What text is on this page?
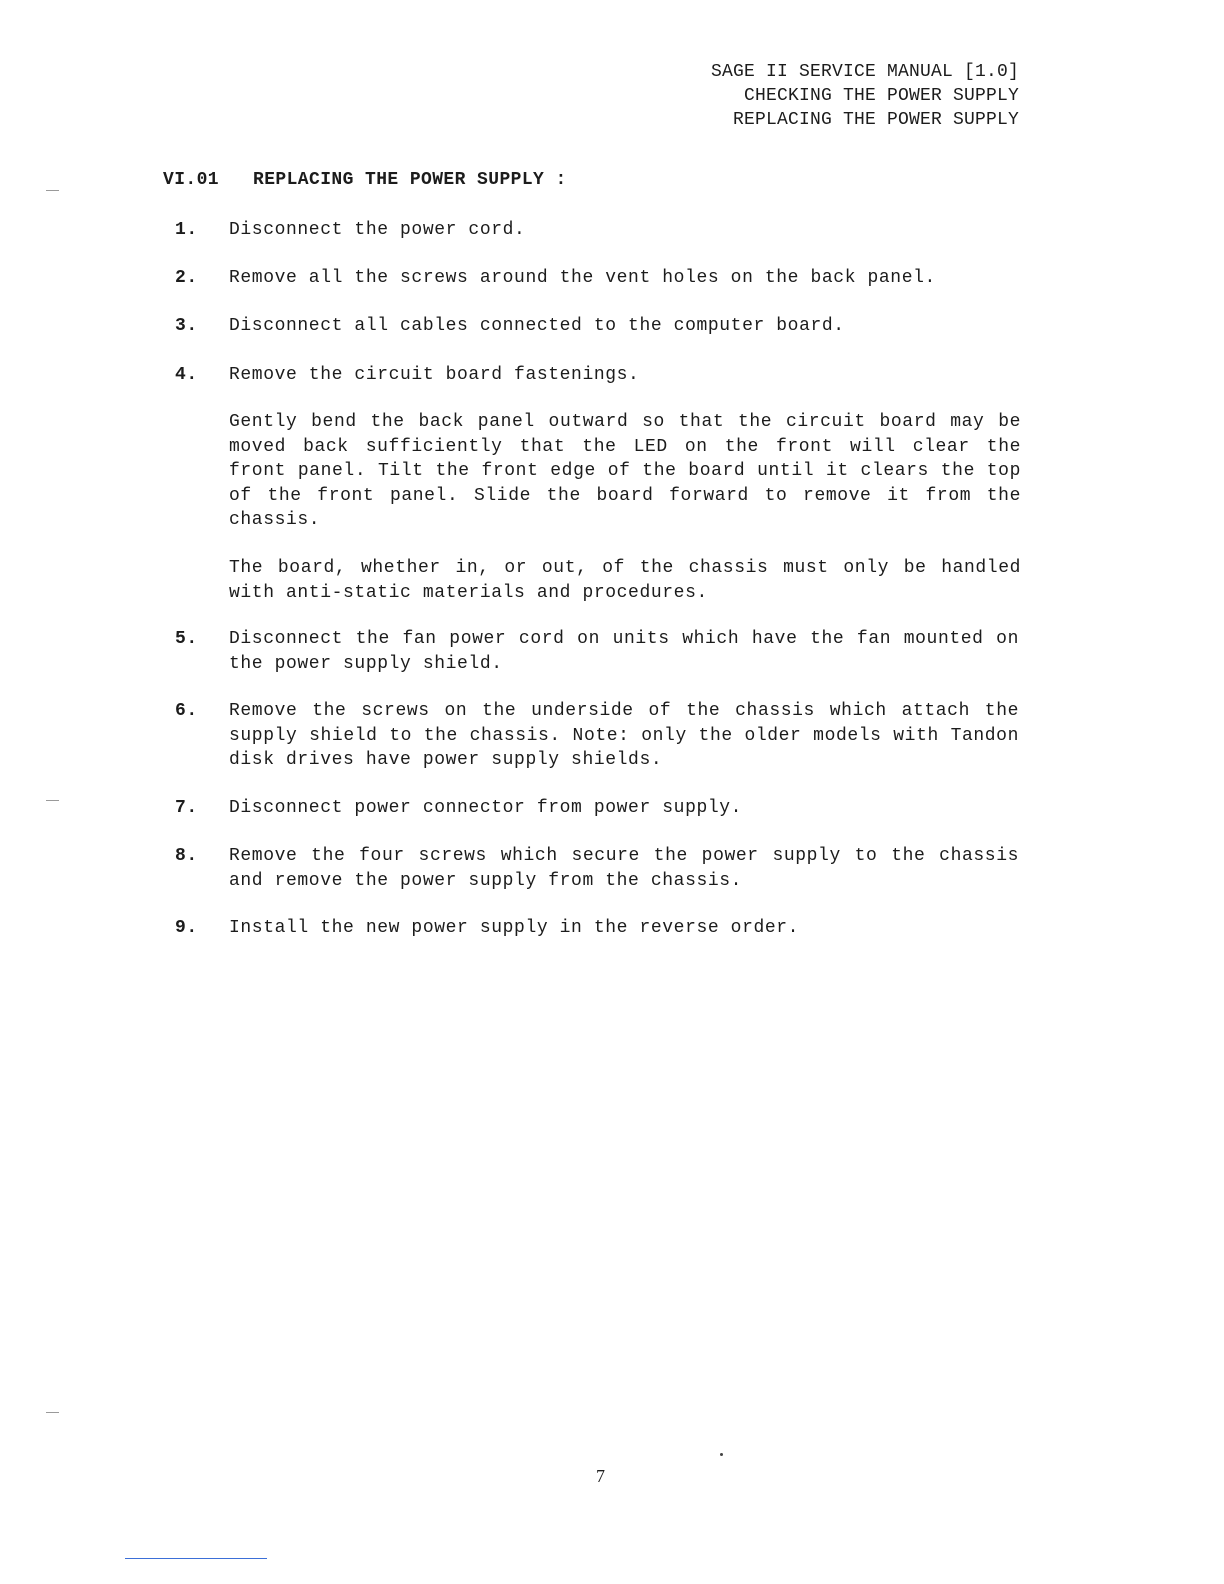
SAGE II SERVICE MANUAL [1.0]
CHECKING THE POWER SUPPLY
REPLACING THE POWER SUPPLY
VI.01 REPLACING THE POWER SUPPLY :
1. Disconnect the power cord.
2. Remove all the screws around the vent holes on the back panel.
3. Disconnect all cables connected to the computer board.
4. Remove the circuit board fastenings.
Gently bend the back panel outward so that the circuit board may be moved back sufficiently that the LED on the front will clear the front panel. Tilt the front edge of the board until it clears the top of the front panel. Slide the board forward to remove it from the chassis.
The board, whether in, or out, of the chassis must only be handled with anti-static materials and procedures.
5. Disconnect the fan power cord on units which have the fan mounted on the power supply shield.
6. Remove the screws on the underside of the chassis which attach the supply shield to the chassis. Note: only the older models with Tandon disk drives have power supply shields.
7. Disconnect power connector from power supply.
8. Remove the four screws which secure the power supply to the chassis and remove the power supply from the chassis.
9. Install the new power supply in the reverse order.
7
